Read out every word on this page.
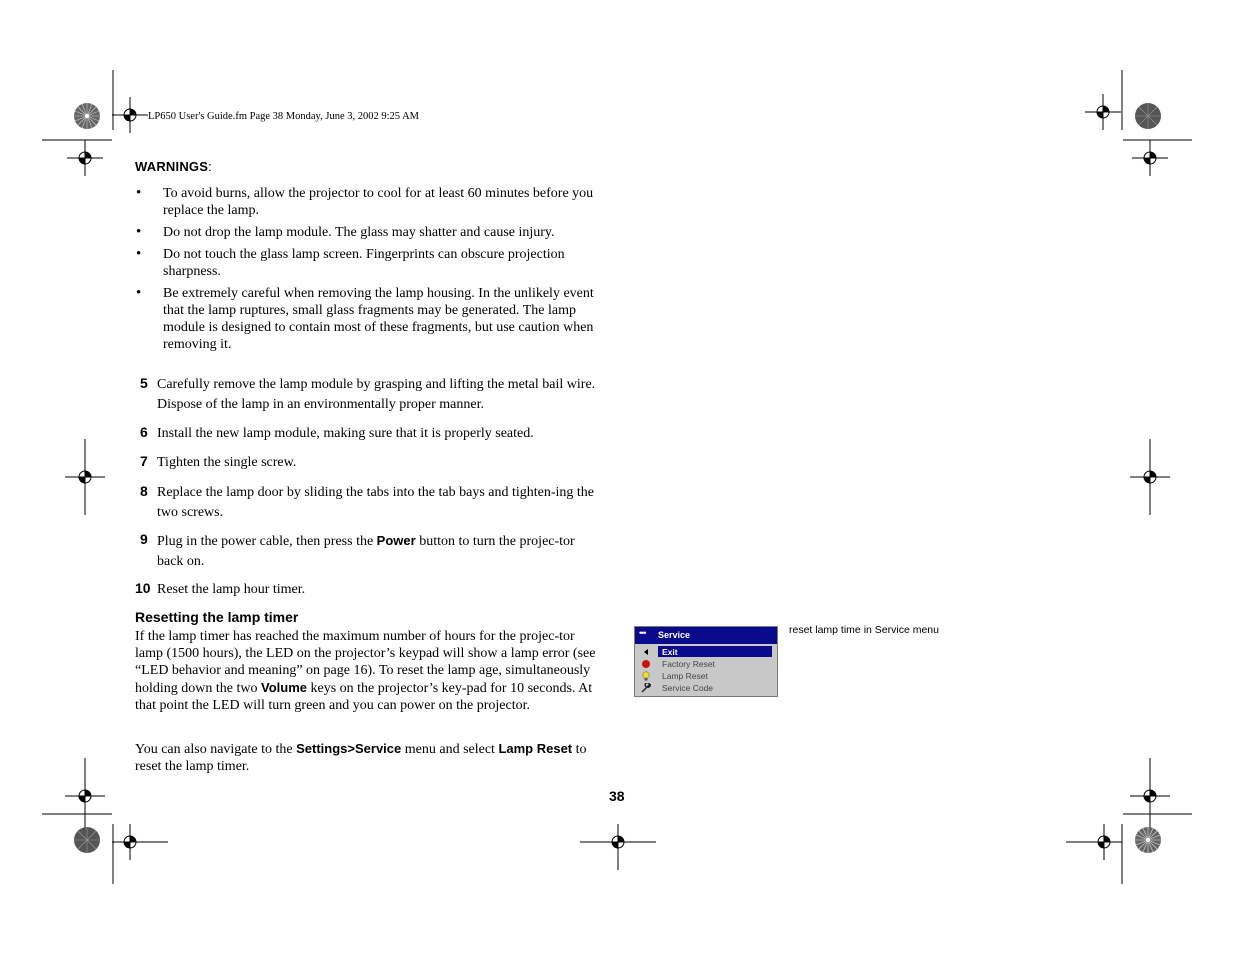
LP650 User's Guide.fm Page 38 Monday, June 3, 2002 9:25 AM
WARNINGS:
• To avoid burns, allow the projector to cool for at least 60 minutes before you replace the lamp.
• Do not drop the lamp module. The glass may shatter and cause injury.
• Do not touch the glass lamp screen. Fingerprints can obscure projection sharpness.
• Be extremely careful when removing the lamp housing. In the unlikely event that the lamp ruptures, small glass fragments may be generated. The lamp module is designed to contain most of these fragments, but use caution when removing it.
5 Carefully remove the lamp module by grasping and lifting the metal bail wire. Dispose of the lamp in an environmentally proper manner.
6 Install the new lamp module, making sure that it is properly seated.
7 Tighten the single screw.
8 Replace the lamp door by sliding the tabs into the tab bays and tighten-ing the two screws.
9 Plug in the power cable, then press the Power button to turn the projec-tor back on.
10 Reset the lamp hour timer.
Resetting the lamp timer
If the lamp timer has reached the maximum number of hours for the projec-tor lamp (1500 hours), the LED on the projector’s keypad will show a lamp error (see “LED behavior and meaning” on page 16). To reset the lamp age, simultaneously holding down the two Volume keys on the projector’s key-pad for 10 seconds. At that point the LED will turn green and you can power on the projector.
You can also navigate to the Settings>Service menu and select Lamp Reset to reset the lamp timer.
••• Service
Exit
Factory Reset
Lamp Reset
Service Code
reset lamp time in Service menu
38
